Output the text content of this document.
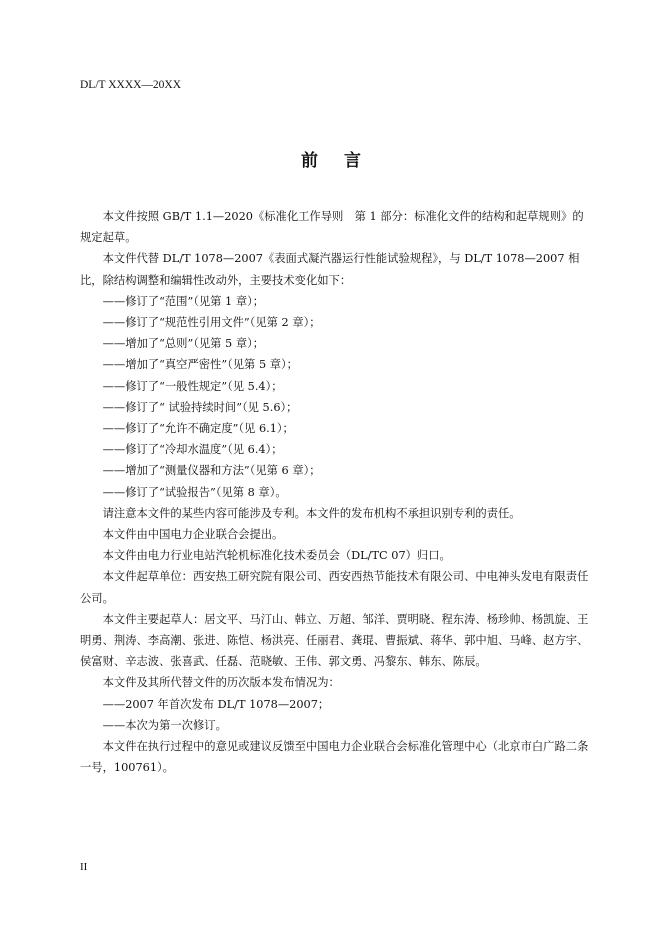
DL/T XXXX—20XX
前言

本文件按照 GB/T 1.1—2020《标准化工作导则　第 1 部分：标准化文件的结构和起草规则》的规定起草。

本文件代替 DL/T 1078—2007《表面式凝汽器运行性能试验规程》，与 DL/T 1078—2007 相比，除结构调整和编辑性改动外，主要技术变化如下：

——修订了“范围”（见第 1 章）；

——修订了“规范性引用文件”（见第 2 章）；

——增加了“总则”（见第 5 章）；

——增加了“真空严密性”（见第 5 章）；

——修订了“一般性规定”（见 5.4）；

——修订了“ 试验持续时间”（见 5.6）；

——修订了“允许不确定度”（见 6.1）；

——修订了“冷却水温度”（见 6.4）；

——增加了“测量仪器和方法”（见第 6 章）；

——修订了“试验报告”（见第 8 章）。

请注意本文件的某些内容可能涉及专利。本文件的发布机构不承担识别专利的责任。

本文件由中国电力企业联合会提出。

本文件由电力行业电站汽轮机标准化技术委员会（DL/TC 07）归口。

本文件起草单位：西安热工研究院有限公司、西安西热节能技术有限公司、中电神头发电有限责任公司。

本文件主要起草人：居文平、马汀山、韩立、万超、邹洋、贾明晓、程东涛、杨珍帅、杨凯旋、王明勇、荆涛、李高潮、张进、陈恺、杨洪亮、任丽君、龚琨、曹振斌、蒋华、郭中旭、马峰、赵方宇、侯富财、辛志波、张喜武、任磊、范晓敏、王伟、郭文勇、冯黎东、韩东、陈辰。

本文件及其所代替文件的历次版本发布情况为：

——2007 年首次发布 DL/T 1078—2007；

——本次为第一次修订。

本文件在执行过程中的意见或建议反馈至中国电力企业联合会标准化管理中心（北京市白广路二条一号，100761）。

II
